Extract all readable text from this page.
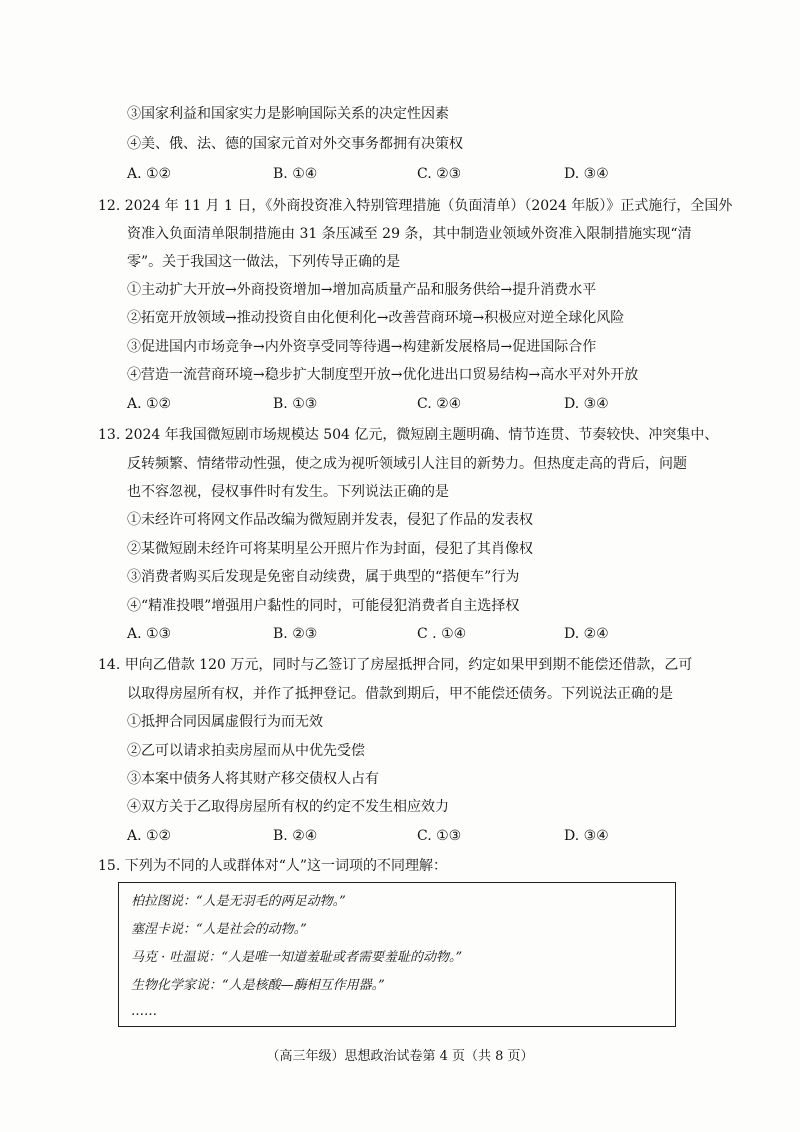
③国家利益和国家实力是影响国际关系的决定性因素
④美、俄、法、德的国家元首对外交事务都拥有决策权
A. ①②	B. ①④	C. ②③	D. ③④
12. 2024 年 11 月 1 日，《外商投资准入特别管理措施（负面清单）（2024 年版）》正式施行，全国外
资准入负面清单限制措施由 31 条压减至 29 条，其中制造业领域外资准入限制措施实现“清
零”。关于我国这一做法，下列传导正确的是
①主动扩大开放→外商投资增加→增加高质量产品和服务供给→提升消费水平
②拓宽开放领域→推动投资自由化便利化→改善营商环境→积极应对逆全球化风险
③促进国内市场竞争→内外资享受同等待遇→构建新发展格局→促进国际合作
④营造一流营商环境→稳步扩大制度型开放→优化进出口贸易结构→高水平对外开放
A. ①②	B. ①③	C. ②④	D. ③④
13. 2024 年我国微短剧市场规模达 504 亿元，微短剧主题明确、情节连贯、节奏较快、冲突集中、
反转频繁、情绪带动性强，使之成为视听领域引人注目的新势力。但热度走高的背后，问题
也不容忽视，侵权事件时有发生。下列说法正确的是
①未经许可将网文作品改编为微短剧并发表，侵犯了作品的发表权
②某微短剧未经许可将某明星公开照片作为封面，侵犯了其肖像权
③消费者购买后发现是免密自动续费，属于典型的“搭便车”行为
④“精准投喂”增强用户黏性的同时，可能侵犯消费者自主选择权
A. ①③	B. ②③	C . ①④	D. ②④
14. 甲向乙借款 120 万元，同时与乙签订了房屋抵押合同，约定如果甲到期不能偿还借款，乙可
以取得房屋所有权，并作了抵押登记。借款到期后，甲不能偿还债务。下列说法正确的是
①抵押合同因属虚假行为而无效
②乙可以请求拍卖房屋而从中优先受偿
③本案中债务人将其财产移交债权人占有
④双方关于乙取得房屋所有权的约定不发生相应效力
A. ①②	B. ②④	C. ①③	D. ③④
15. 下列为不同的人或群体对“人”这一词项的不同理解：
柏拉图说：“人是无羽毛的两足动物。”
塞涅卡说：“人是社会的动物。”
马克 · 吐温说：“人是唯一知道羞耻或者需要羞耻的动物。”
生物化学家说：“人是核酸—酶相互作用器。”
……
（高三年级）思想政治试卷第 4 页（共 8 页）
